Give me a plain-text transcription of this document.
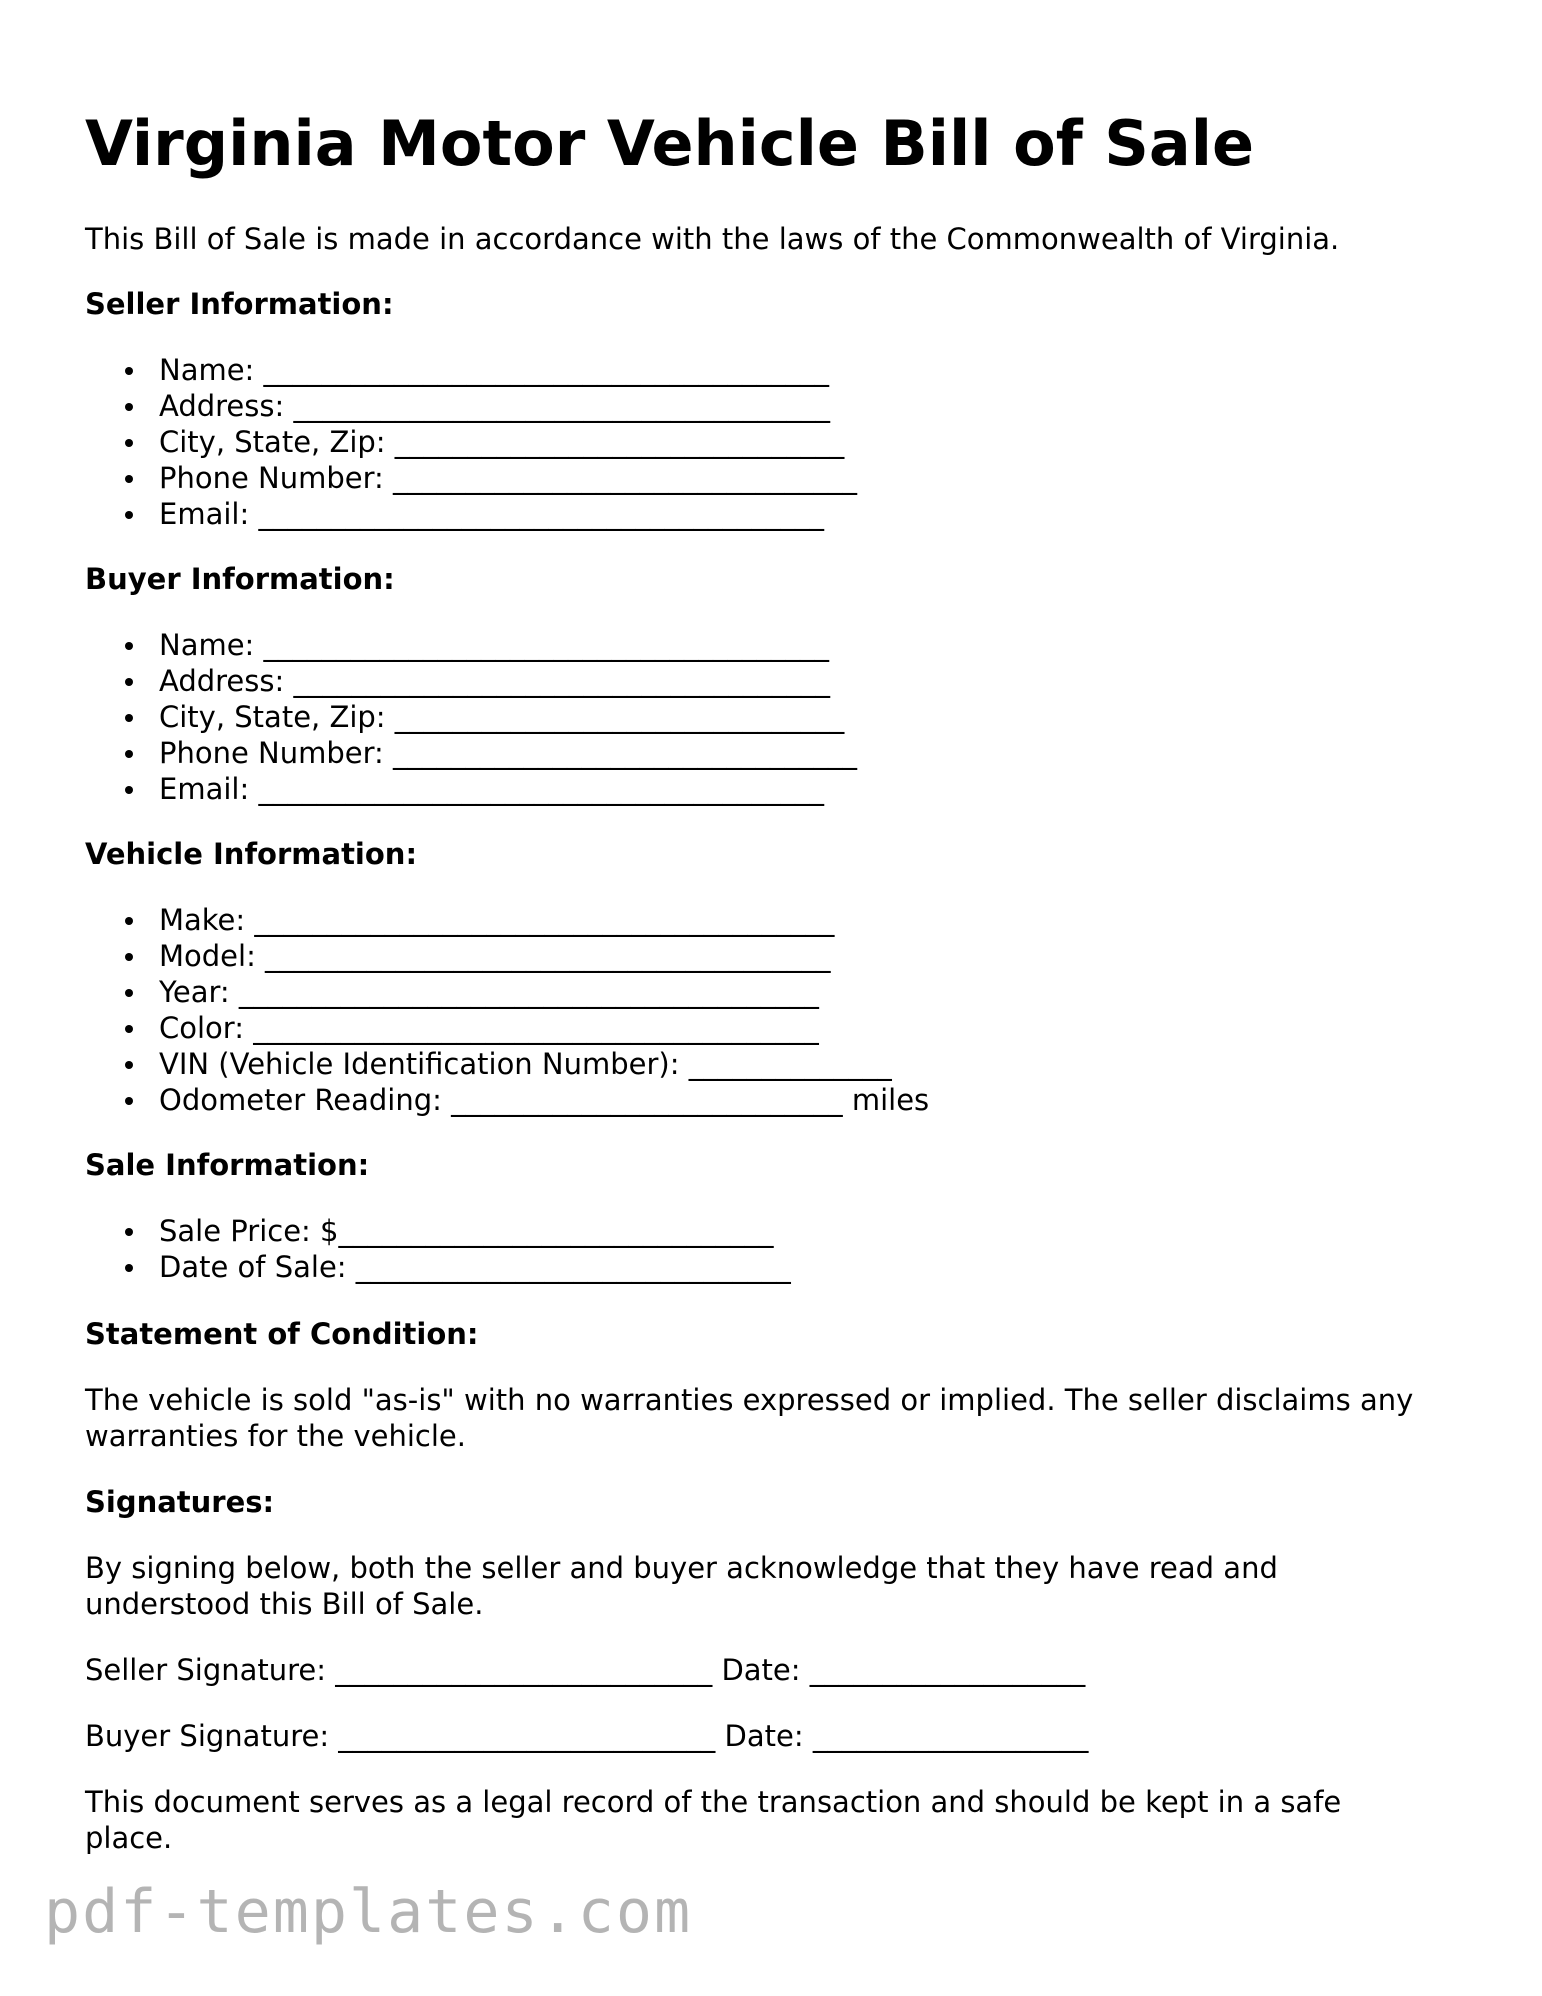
Virginia Motor Vehicle Bill of Sale

This Bill of Sale is made in accordance with the laws of the Commonwealth of Virginia.

Seller Information:

Name: _______________________________________
Address: _____________________________________
City, State, Zip: _______________________________
Phone Number: ________________________________
Email: _______________________________________

Buyer Information:

Name: _______________________________________
Address: _____________________________________
City, State, Zip: _______________________________
Phone Number: ________________________________
Email: _______________________________________

Vehicle Information:

Make: ________________________________________
Model: _______________________________________
Year: ________________________________________
Color: _______________________________________
VIN (Vehicle Identification Number): ______________
Odometer Reading: ___________________________ miles

Sale Information:

Sale Price: $______________________________
Date of Sale: ______________________________

Statement of Condition:

The vehicle is sold "as-is" with no warranties expressed or implied. The seller disclaims any
warranties for the vehicle.

Signatures:

By signing below, both the seller and buyer acknowledge that they have read and
understood this Bill of Sale.

Seller Signature: __________________________ Date: ___________________
Buyer Signature: __________________________ Date: ___________________

This document serves as a legal record of the transaction and should be kept in a safe
place.

pdf-templates.com
